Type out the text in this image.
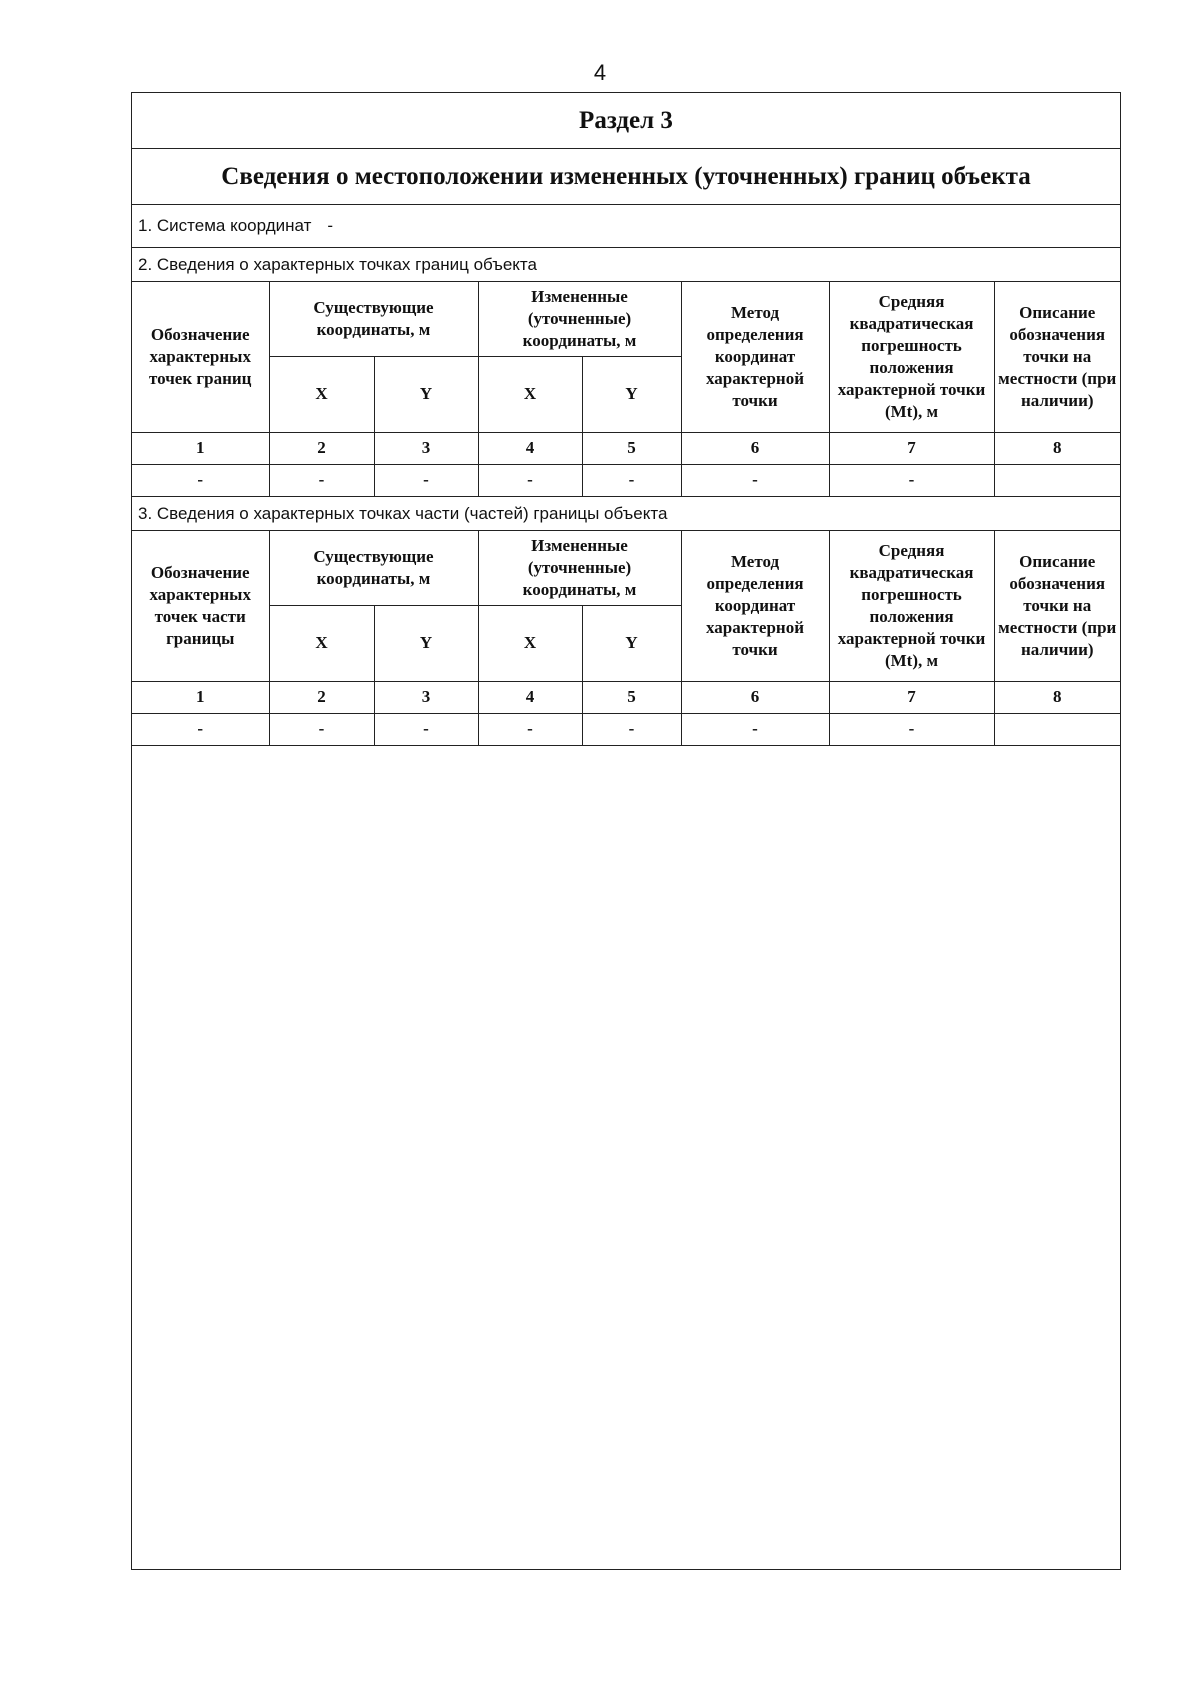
4
Раздел 3
Сведения о местоположении измененных (уточненных) границ объекта
1. Система координат -
2. Сведения о характерных точках границ объекта
Обозначение характерных точек границ	Существующие координаты, м		Измененные (уточненные) координаты, м		Метод определения координат характерной точки	Средняя квадратическая погрешность положения характерной точки (Mt), м	Описание обозначения точки на местности (при наличии)
	X	Y	X	Y			
1	2	3	4	5	6	7	8
-	-	-	-	-	-	-	
3. Сведения о характерных точках части (частей) границы объекта
Обозначение характерных точек части границы	Существующие координаты, м		Измененные (уточненные) координаты, м		Метод определения координат характерной точки	Средняя квадратическая погрешность положения характерной точки (Mt), м	Описание обозначения точки на местности (при наличии)
	X	Y	X	Y			
1	2	3	4	5	6	7	8
-	-	-	-	-	-	-	
